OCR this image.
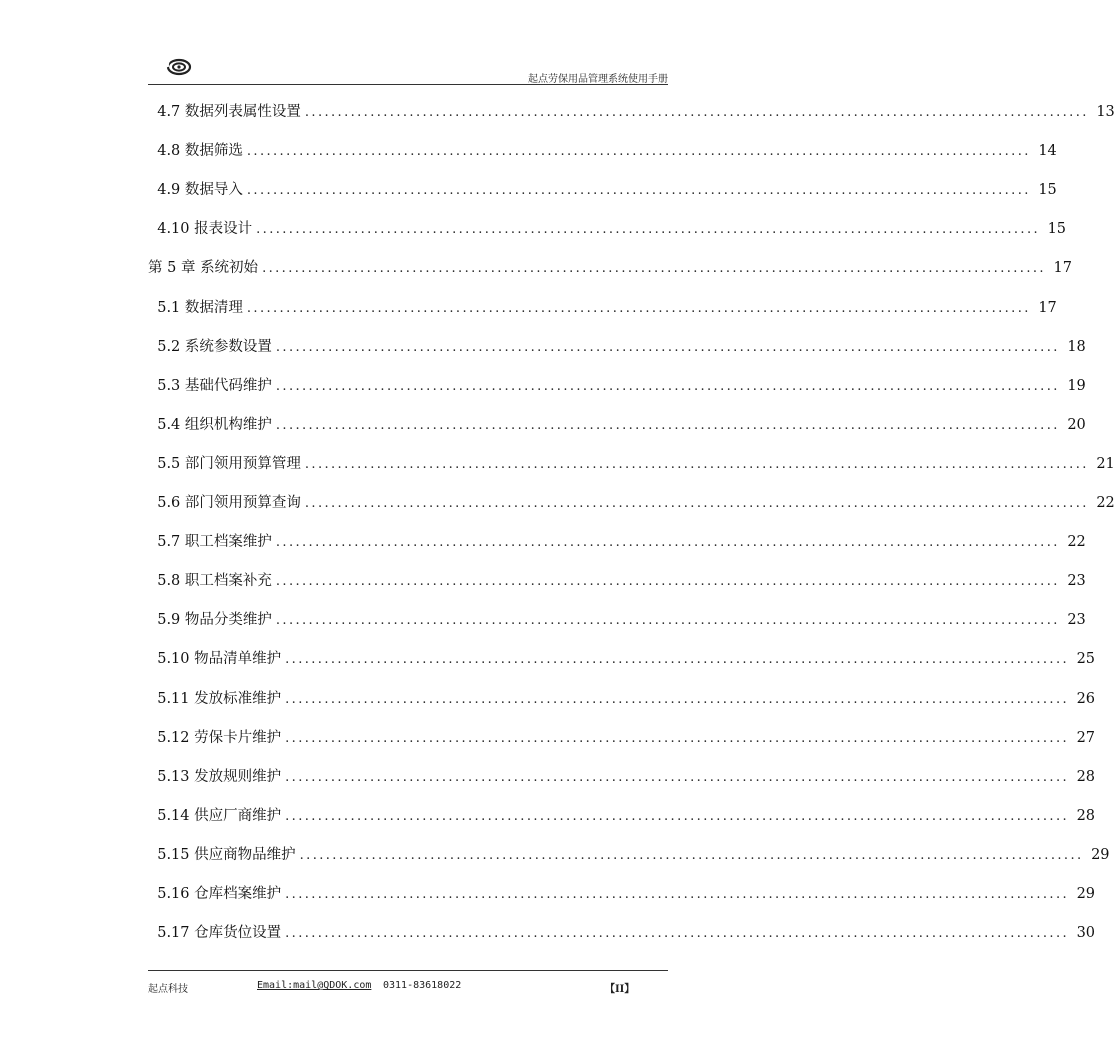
起点劳保用品管理系统使用手册
4.7 数据列表属性设置 ........................................................................................................................ 13
4.8 数据筛选 ........................................................................................................................ 14
4.9 数据导入 ........................................................................................................................ 15
4.10 报表设计 ........................................................................................................................ 15
第 5 章 系统初始 ........................................................................................................................ 17
5.1 数据清理 ........................................................................................................................ 17
5.2 系统参数设置 ........................................................................................................................ 18
5.3 基础代码维护 ........................................................................................................................ 19
5.4 组织机构维护 ........................................................................................................................ 20
5.5 部门领用预算管理 ........................................................................................................................ 21
5.6 部门领用预算查询 ........................................................................................................................ 22
5.7 职工档案维护 ........................................................................................................................ 22
5.8 职工档案补充 ........................................................................................................................ 23
5.9 物品分类维护 ........................................................................................................................ 23
5.10 物品清单维护 ........................................................................................................................ 25
5.11 发放标准维护 ........................................................................................................................ 26
5.12 劳保卡片维护 ........................................................................................................................ 27
5.13 发放规则维护 ........................................................................................................................ 28
5.14 供应厂商维护 ........................................................................................................................ 28
5.15 供应商物品维护 ........................................................................................................................ 29
5.16 仓库档案维护 ........................................................................................................................ 29
5.17 仓库货位设置 ........................................................................................................................ 30
起点科技	Email:mail@QDOK.com 0311-83618022	【II】
